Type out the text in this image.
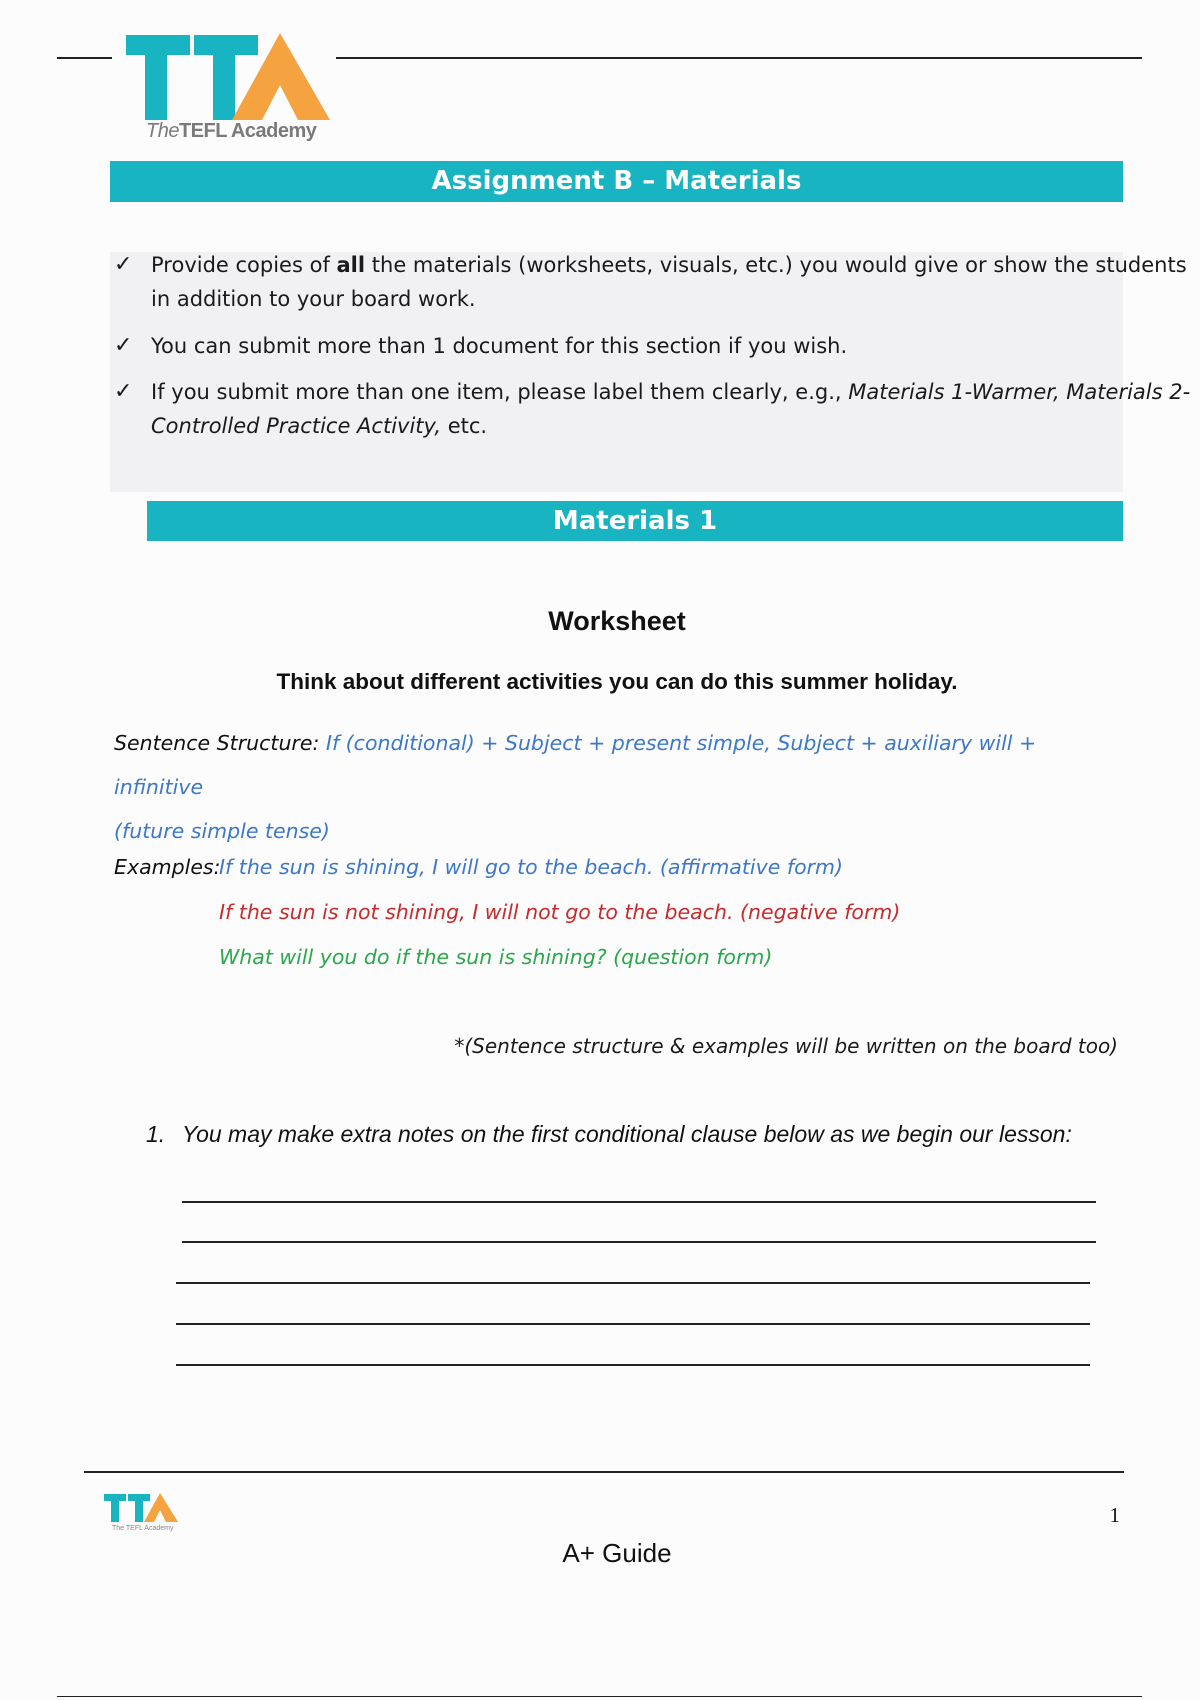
TheTEFL Academy
Assignment B – Materials
✓ Provide copies of all the materials (worksheets, visuals, etc.) you would give or show the students
in addition to your board work.
✓ You can submit more than 1 document for this section if you wish.
✓ If you submit more than one item, please label them clearly, e.g., Materials 1-Warmer, Materials 2-
Controlled Practice Activity, etc.
Materials 1
Worksheet
Think about different activities you can do this summer holiday.
Sentence Structure: If (conditional) + Subject + present simple, Subject + auxiliary will + infinitive
(future simple tense)
Examples:
If the sun is shining, I will go to the beach. (affirmative form)
If the sun is not shining, I will not go to the beach. (negative form)
What will you do if the sun is shining? (question form)
*(Sentence structure & examples will be written on the board too)
1. You may make extra notes on the first conditional clause below as we begin our lesson:
The TEFL Academy
1
A+ Guide
